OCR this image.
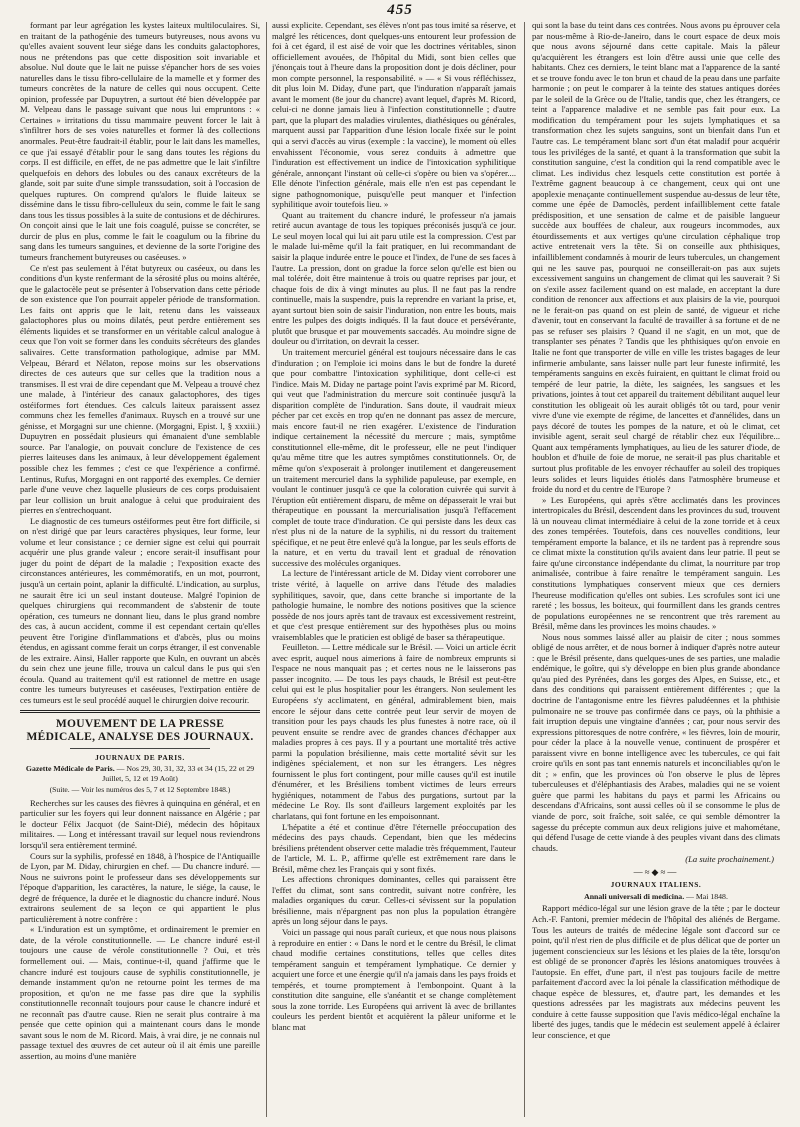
455

formant par leur agrégation les kystes laiteux multiloculaires. Si, en traitant de la pathogénie des tumeurs butyreuses, nous avons vu qu'elles avaient souvent leur siége dans les conduits galactophores, nous ne prétendons pas que cette disposition soit invariable et absolue. Nul doute que le lait ne puisse s'épancher hors de ses voies naturelles dans le tissu fibro-cellulaire de la mamelle et y former des tumeurs concrètes de la nature de celles qui nous occupent. Cette opinion, professée par Dupuytren, a surtout été bien développée par M. Velpeau dans le passage suivant que nous lui empruntons : « Certaines » irritations du tissu mammaire peuvent forcer le lait à s'infiltrer hors de ses voies naturelles et former là des collections anormales. Peut-être faudrait-il établir, pour le lait dans les mamelles, ce que j'ai essayé d'établir pour le sang dans toutes les régions du corps. Il est difficile, en effet, de ne pas admettre que le lait s'infiltre quelquefois en dehors des lobules ou des canaux excréteurs de la glande, soit par suite d'une simple transsudation, soit à l'occasion de quelques ruptures. On comprend qu'alors le fluide laiteux se dissémine dans le tissu fibro-celluleux du sein, comme le fait le sang dans tous les tissus possibles à la suite de contusions et de déchirures. On conçoit ainsi que le lait une fois coagulé, puisse se concréter, se durcir de plus en plus, comme le fait le coagulum ou la fibrine du sang dans les tumeurs sanguines, et devienne de la sorte l'origine des tumeurs franchement butyreuses ou caséeuses. »

Ce n'est pas seulement à l'état butyreux ou caséeux, ou dans les conditions d'un kyste renfermant de la sérosité plus ou moins altérée, que le galactocèle peut se présenter à l'observation dans cette période de son existence que l'on pourrait appeler période de transformation. Les faits ont appris que le lait, retenu dans les vaisseaux galactophores plus ou moins dilatés, peut perdre entièrement ses éléments liquides et se transformer en un véritable calcul analogue à ceux que l'on voit se former dans les conduits sécréteurs des glandes salivaires. Cette transformation pathologique, admise par MM. Velpeau, Bérard et Nélaton, repose moins sur les observations directes de ces auteurs que sur celles que la tradition nous a transmises. Il est vrai de dire cependant que M. Velpeau a trouvé chez une malade, à l'intérieur des canaux galactophores, des tiges ostéiformes fort étendues. Ces calculs laiteux paraissent assez communs chez les femelles d'animaux. Ruysch en a trouvé sur une génisse, et Morgagni sur une chienne. (Morgagni, Epist. l, § xxxiii.) Dupuytren en possédait plusieurs qui émanaient d'une semblable source. Par l'analogie, on pouvait conclure de l'existence de ces pierres laiteuses dans les animaux, à leur développement également possible chez les femmes ; c'est ce que l'expérience a confirmé. Lentinus, Rufus, Morgagni en ont rapporté des exemples. Ce dernier parle d'une veuve chez laquelle plusieurs de ces corps produisaient par leur collision un bruit analogue à celui que produiraient des pierres en s'entrechoquant.

Le diagnostic de ces tumeurs ostéiformes peut être fort difficile, si on n'est dirigé que par leurs caractères physiques, leur forme, leur volume et leur consistance ; ce dernier signe est celui qui pourrait acquérir une plus grande valeur ; encore serait-il insuffisant pour juger du point de départ de la maladie ; l'exposition exacte des circonstances antérieures, les commémoratifs, en un mot, pourront, jusqu'à un certain point, aplanir la difficulté. L'indication, au surplus, ne saurait être ici un seul instant douteuse. Malgré l'opinion de quelques chirurgiens qui recommandent de s'abstenir de toute opération, ces tumeurs ne donnant lieu, dans le plus grand nombre des cas, à aucun accident, comme il est cependant certain qu'elles peuvent être l'origine d'inflammations et d'abcès, plus ou moins étendus, en agissant comme ferait un corps étranger, il est convenable de les extraire. Ainsi, Haller rapporte que Kuln, en ouvrant un abcès du sein chez une jeune fille, trouva un calcul dans le pus qui s'en écoula. Quand au traitement qu'il est rationnel de mettre en usage contre les tumeurs butyreuses et caséeuses, l'extirpation entière de ces tumeurs est le seul procédé auquel le chirurgien doive recourir.

MOUVEMENT DE LA PRESSE MÉDICALE, ANALYSE DES JOURNAUX.
JOURNAUX DE PARIS.
Gazette Médicale de Paris. — Nos 29, 30, 31, 32, 33 et 34 (15, 22 et 29 Juillet, 5, 12 et 19 Août)
(Suite. — Voir les numéros des 5, 7 et 12 Septembre 1848.)

Recherches sur les causes des fièvres à quinquina en général, et en particulier sur les foyers qui leur donnent naissance en Algérie ; par le docteur Félix Jacquot (de Saint-Dié), médecin des hôpitaux militaires. — Long et intéressant travail sur lequel nous reviendrons lorsqu'il sera entièrement terminé.

Cours sur la syphilis, professé en 1848, à l'hospice de l'Antiquaille de Lyon, par M. Diday, chirurgien en chef. — Du chancre induré. — Nous ne suivrons point le professeur dans ses développements sur l'époque d'apparition, les caractères, la nature, le siége, la cause, le degré de fréquence, la durée et le diagnostic du chancre induré. Nous extrairons seulement de sa leçon ce qui appartient le plus particulièrement à notre confrère :

« L'induration est un symptôme, et ordinairement le premier en date, de la vérole constitutionnelle. — Le chancre induré est-il toujours une cause de vérole constitutionnelle ? Oui, et très formellement oui. — Mais, continue-t-il, quand j'affirme que le chancre induré est toujours cause de syphilis constitutionnelle, je demande instamment qu'on ne retourne point les termes de ma proposition, et qu'on ne me fasse pas dire que la syphilis constitutionnelle reconnaît toujours pour cause le chancre induré et ne reconnaît pas d'autre cause. Rien ne serait plus contraire à ma pensée que cette opinion qui a maintenant cours dans le monde savant sous le nom de M. Ricord. Mais, à vrai dire, je ne connais nul passage textuel des œuvres de cet auteur où il ait émis une pareille assertion, au moins d'une manière

aussi explicite. Cependant, ses élèves n'ont pas tous imité sa réserve, et malgré les réticences, dont quelques-uns entourent leur profession de foi à cet égard, il est aisé de voir que les doctrines véritables, sinon officiellement avouées, de l'hôpital du Midi, sont bien celles que j'énonçais tout à l'heure dans la proposition dont je dois décliner, pour mon compte personnel, la responsabilité. » — « Si vous réfléchissez, dit plus loin M. Diday, d'une part, que l'induration n'apparaît jamais avant le moment (8e jour du chancre) avant lequel, d'après M. Ricord, celui-ci ne donne jamais lieu à l'infection constitutionnelle ; d'autre part, que la plupart des maladies virulentes, diathésiques ou générales, marquent aussi par l'apparition d'une lésion locale fixée sur le point qui a servi d'accès au virus (exemple : la vaccine), le moment où elles envahissent l'économie, vous serez conduits à admettre que l'induration est effectivement un indice de l'intoxication syphilitique générale, annonçant l'instant où celle-ci s'opère ou bien va s'opérer.... Elle dénote l'infection générale, mais elle n'en est pas cependant le signe pathognomonique, puisqu'elle peut manquer et l'infection syphilitique avoir toutefois lieu. »

Quant au traitement du chancre induré, le professeur n'a jamais retiré aucun avantage de tous les topiques préconisés jusqu'à ce jour. Le seul moyen local qui lui ait paru utile est la compression. C'est par le malade lui-même qu'il la fait pratiquer, en lui recommandant de saisir la plaque indurée entre le pouce et l'index, de l'une de ses faces à l'autre. La pression, dont on gradue la force selon qu'elle est bien ou mal tolérée, doit être maintenue à trois ou quatre reprises par jour, et chaque fois de dix à vingt minutes au plus. Il ne faut pas la rendre continuelle, mais la suspendre, puis la reprendre en variant la prise, et, ayant surtout bien soin de saisir l'induration, non entre les bouts, mais entre les pulpes des doigts indiqués. Il la faut douce et persévérante, plutôt que brusque et par mouvements saccadés. Au moindre signe de douleur ou d'irritation, on devrait la cesser.

Un traitement mercuriel général est toujours nécessaire dans le cas d'induration ; on l'emploie ici moins dans le but de fondre la dureté que pour combattre l'intoxication syphilitique, dont celle-ci est l'indice. Mais M. Diday ne partage point l'avis exprimé par M. Ricord, qui veut que l'administration du mercure soit continuée jusqu'à la disparition complète de l'induration. Sans doute, il vaudrait mieux pécher par cet excès en trop qu'en ne donnant pas assez de mercure, mais encore faut-il ne rien exagérer. L'existence de l'induration indique certainement la nécessité du mercure ; mais, symptôme constitutionnel elle-même, dit le professeur, elle ne peut l'indiquer qu'au même titre que les autres symptômes constitutionnels. Or, de même qu'on s'exposerait à prolonger inutilement et dangereusement un traitement mercuriel dans la syphilide papuleuse, par exemple, en voulant le continuer jusqu'à ce que la coloration cuivrée qui survit à l'éruption eût entièrement disparu, de même on dépasserait le vrai but thérapeutique en poussant la mercurialisation jusqu'à l'effacement complet de toute trace d'induration. Ce qui persiste dans les deux cas n'est plus ni de la nature de la syphilis, ni du ressort du traitement spécifique, et ne peut être enlevé qu'à la longue, par les seuls efforts de la nature, et en vertu du travail lent et gradual de rénovation successive des molécules organiques.

La lecture de l'intéressant article de M. Diday vient corroborer une triste vérité, à laquelle on arrive dans l'étude des maladies syphilitiques, savoir, que, dans cette branche si importante de la pathologie humaine, le nombre des notions positives que la science possède de nos jours après tant de travaux est excessivement restreint, et que c'est presque entièrement sur des hypothèses plus ou moins vraisemblables que le praticien est obligé de baser sa thérapeutique.

Feuilleton. — Lettre médicale sur le Brésil. — Voici un article écrit avec esprit, auquel nous aimerions à faire de nombreux emprunts si l'espace ne nous manquait pas ; et certes nous ne le laisserons pas passer incognito. — De tous les pays chauds, le Brésil est peut-être celui qui est le plus hospitalier pour les étrangers. Non seulement les Européens s'y acclimatent, en général, admirablement bien, mais encore le séjour dans cette contrée peut leur servir de moyen de transition pour les pays chauds les plus funestes à notre race, où il peuvent ensuite se rendre avec de grandes chances d'échapper aux maladies propres à ces pays. Il y a pourtant une mortalité très active parmi la population brésilienne, mais cette mortalité sévit sur les indigènes spécialement, et non sur les étrangers. Les nègres fournissent le plus fort contingent, pour mille causes qu'il est inutile d'énumérer, et les Brésiliens tombent victimes de leurs erreurs hygiéniques, notamment de l'abus des purgations, surtout par la médecine Le Roy. Ils sont d'ailleurs largement exploités par les charlatans, qui font fortune en les empoisonnant.

L'hépatite a été et continue d'être l'éternelle préoccupation des médecins des pays chauds. Cependant, bien que les médecins brésiliens prétendent observer cette maladie très fréquemment, l'auteur de l'article, M. L. P., affirme qu'elle est extrêmement rare dans le Brésil, même chez les Français qui y sont fixés.

Les affections chroniques dominantes, celles qui paraissent être l'effet du climat, sont sans contredit, suivant notre confrère, les maladies organiques du cœur. Celles-ci sévissent sur la population brésilienne, mais n'épargnent pas non plus la population étrangère après un long séjour dans le pays.

Voici un passage qui nous paraît curieux, et que nous nous plaisons à reproduire en entier : « Dans le nord et le centre du Brésil, le climat chaud modifie certaines constitutions, telles que celles dites tempérament sanguin et tempérament lymphatique. Ce dernier y acquiert une force et une énergie qu'il n'a jamais dans les pays froids et tempérés, et tourne promptement à l'embonpoint. Quant à la constitution dite sanguine, elle s'anéantit et se change complètement sous la zone torride. Les Européens qui arrivent là avec de brillantes couleurs les perdent bientôt et acquièrent la pâleur uniforme et le blanc mat

qui sont la base du teint dans ces contrées. Nous avons pu éprouver cela par nous-même à Rio-de-Janeiro, dans le court espace de deux mois que nous avons séjourné dans cette capitale. Mais la pâleur qu'acquièrent les étrangers est loin d'être aussi unie que celle des habitants. Chez ces derniers, le teint blanc mat a l'apparence de la santé et se trouve fondu avec le ton brun et chaud de la peau dans une parfaite harmonie ; on peut le comparer à la teinte des statues antiques dorées par le soleil de la Grèce ou de l'Italie, tandis que, chez les étrangers, ce teint a l'apparence maladive et ne semble pas fait pour eux. La modification du tempérament pour les sujets lymphatiques et sa transformation chez les sujets sanguins, sont un bienfait dans l'un et l'autre cas. Le tempérament blanc sort d'un état maladif pour acquérir tous les priviléges de la santé, et quant à la transformation que subit la constitution sanguine, c'est la condition qui la rend compatible avec le climat. Les individus chez lesquels cette constitution est portée à l'extrême gagnent beaucoup à ce changement, ceux qui ont une apoplexie menaçante continuellement suspendue au-dessus de leur tête, comme une épée de Damoclès, perdent infailliblement cette fatale prédisposition, et une sensation de calme et de paisible langueur succède aux bouffées de chaleur, aux rougeurs incommodes, aux étourdissements et aux vertiges qu'une circulation céphalique trop active entretenait vers la tête. Si on conseille aux phthisiques, infailliblement condamnés à mourir de leurs tubercules, un changement qui ne les sauve pas, pourquoi ne conseillerait-on pas aux sujets excessivement sanguins un changement de climat qui les sauverait ? Si on s'exile assez facilement quand on est malade, en acceptant la dure condition de renoncer aux affections et aux plaisirs de la vie, pourquoi ne le ferait-on pas quand on est plein de santé, de vigueur et riche d'avenir, tout en conservant la faculté de travailler à sa fortune et de ne pas se refuser ses plaisirs ? Quand il ne s'agit, en un mot, que de transplanter ses pénates ? Tandis que les phthisiques qu'on envoie en Italie ne font que transporter de ville en ville les tristes bagages de leur infirmerie ambulante, sans laisser nulle part leur funeste infirmité, les tempéraments sanguins en excès fuiraient, en quittant le climat froid ou tempéré de leur patrie, la diète, les saignées, les sangsues et les privations, jointes à tout cet appareil du traitement débilitant auquel leur constitution les obligeait où les aurait obligés tôt ou tard, pour venir vivre d'une vie exempte de régime, de lancettes et d'annélides, dans un pays décoré de toutes les pompes de la nature, et où le climat, cet invisible agent, serait seul chargé de rétablir chez eux l'équilibre... Quant aux tempéraments lymphatiques, au lieu de les saturer d'iode, de houblon et d'huile de foie de morue, ne serait-il pas plus charitable et surtout plus profitable de les envoyer réchauffer au soleil des tropiques leurs solides et leurs liquides étiolés dans l'atmosphère brumeuse et froide du nord et du centre de l'Europe ?

» Les Européens, qui après s'être acclimatés dans les provinces intertropicales du Brésil, descendent dans les provinces du sud, trouvent là un nouveau climat intermédiaire à celui de la zone torride et à ceux des zones tempérées. Toutefois, dans ces nouvelles conditions, leur tempérament emporte la balance, et ils ne tardent pas à reprendre sous ce climat mixte la constitution qu'ils avaient dans leur patrie. Il peut se faire qu'une circonstance indépendante du climat, la nourriture par trop animalisée, contribue à faire renaître le tempérament sanguin. Les constitutions lymphatiques conservent mieux que ces derniers l'heureuse modification qu'elles ont subies. Les scrofules sont ici une rareté ; les bossus, les boiteux, qui fourmillent dans les grands centres de populations européennes ne se rencontrent que très rarement au Brésil, même dans les provinces les moins chaudes. »

Nous nous sommes laissé aller au plaisir de citer ; nous sommes obligé de nous arrêter, et de nous borner à indiquer d'après notre auteur : que le Brésil présente, dans quelques-unes de ses parties, une maladie endémique, le goître, qui s'y développe en bien plus grande abondance qu'au pied des Pyrénées, dans les gorges des Alpes, en Suisse, etc., et dans des conditions qui paraissent entièrement différentes ; que la doctrine de l'antagonisme entre les fièvres paludéennes et la phthisie pulmonaire ne se trouve pas confirmée dans ce pays, où la phthisie a fait irruption depuis une vingtaine d'années ; car, pour nous servir des expressions pittoresques de notre confrère, « les fièvres, loin de mourir, pour céder la place à la nouvelle venue, continuent de prospérer et paraissent vivre en bonne intelligence avec les tubercules, ce qui fait croire qu'ils en sont pas tant ennemis naturels et inconciliables qu'on le dit ; » enfin, que les provinces où l'on observe le plus de lèpres tuberculeuses et d'éléphantiasis des Arabes, maladies qui ne se voient guère que parmi les habitans du pays et parmi les Africains ou descendans d'Africains, sont aussi celles où il se consomme le plus de viande de porc, soit fraîche, soit salée, ce qui semble démontrer la sagesse du précepte commun aux deux religions juive et mahométane, qui défend l'usage de cette viande à des peuples vivant dans des climats chauds.

(La suite prochainement.)
—≈◆≈—
JOURNAUX ITALIENS.
Annali universali di medicina. — Mai 1848.

Rapport médico-légal sur une lésion grave de la tête ; par le docteur Ach.-F. Fantoni, premier médecin de l'hôpital des aliénés de Bergame. Tous les auteurs de traités de médecine légale sont d'accord sur ce point, qu'il n'est rien de plus difficile et de plus délicat que de porter un jugement consciencieux sur les lésions et les plaies de la tête, lorsqu'on est obligé de se prononcer d'après les lésions anatomiques trouvées à l'autopsie. En effet, d'une part, il n'est pas toujours facile de mettre parfaitement d'accord avec la loi pénale la classification méthodique de chaque espèce de blessures, et, d'autre part, les demandes et les questions adressées par les magistrats aux médecins peuvent les conduire à cette fausse supposition que l'avis médico-légal enchaîne la liberté des juges, tandis que le médecin est seulement appelé à éclairer leur conscience, et que
